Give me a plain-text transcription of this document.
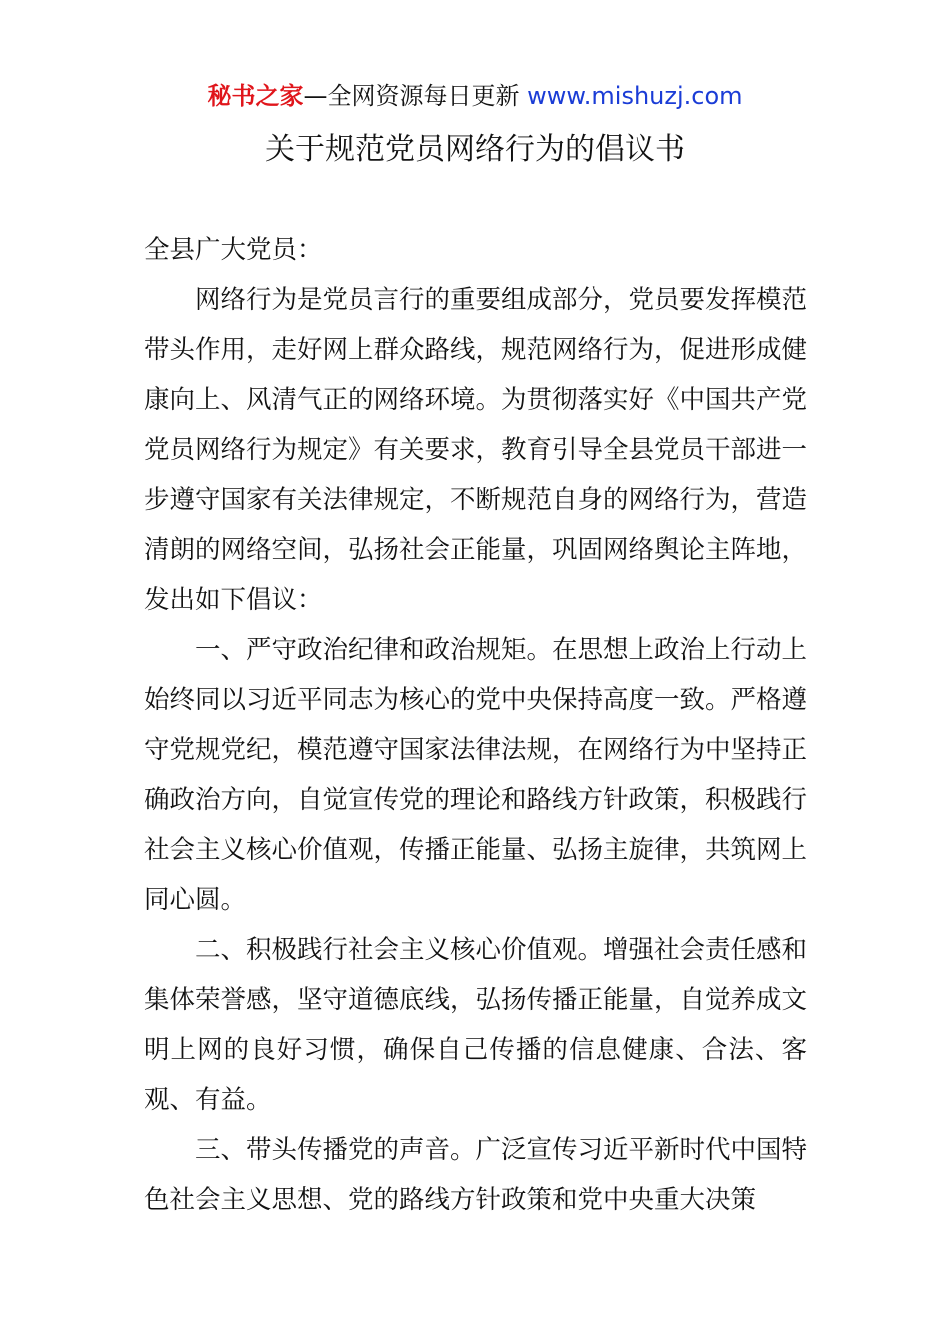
秘书之家—全网资源每日更新 www.mishuzj.com
关于规范党员网络行为的倡议书

全县广大党员：

网络行为是党员言行的重要组成部分，党员要发挥模范带头作用，走好网上群众路线，规范网络行为，促进形成健康向上、风清气正的网络环境。为贯彻落实好《中国共产党党员网络行为规定》有关要求，教育引导全县党员干部进一步遵守国家有关法律规定，不断规范自身的网络行为，营造清朗的网络空间，弘扬社会正能量，巩固网络舆论主阵地，发出如下倡议：

一、严守政治纪律和政治规矩。在思想上政治上行动上始终同以习近平同志为核心的党中央保持高度一致。严格遵守党规党纪，模范遵守国家法律法规，在网络行为中坚持正确政治方向，自觉宣传党的理论和路线方针政策，积极践行社会主义核心价值观，传播正能量、弘扬主旋律，共筑网上同心圆。

二、积极践行社会主义核心价值观。增强社会责任感和集体荣誉感，坚守道德底线，弘扬传播正能量，自觉养成文明上网的良好习惯，确保自己传播的信息健康、合法、客观、有益。

三、带头传播党的声音。广泛宣传习近平新时代中国特色社会主义思想、党的路线方针政策和党中央重大决策
